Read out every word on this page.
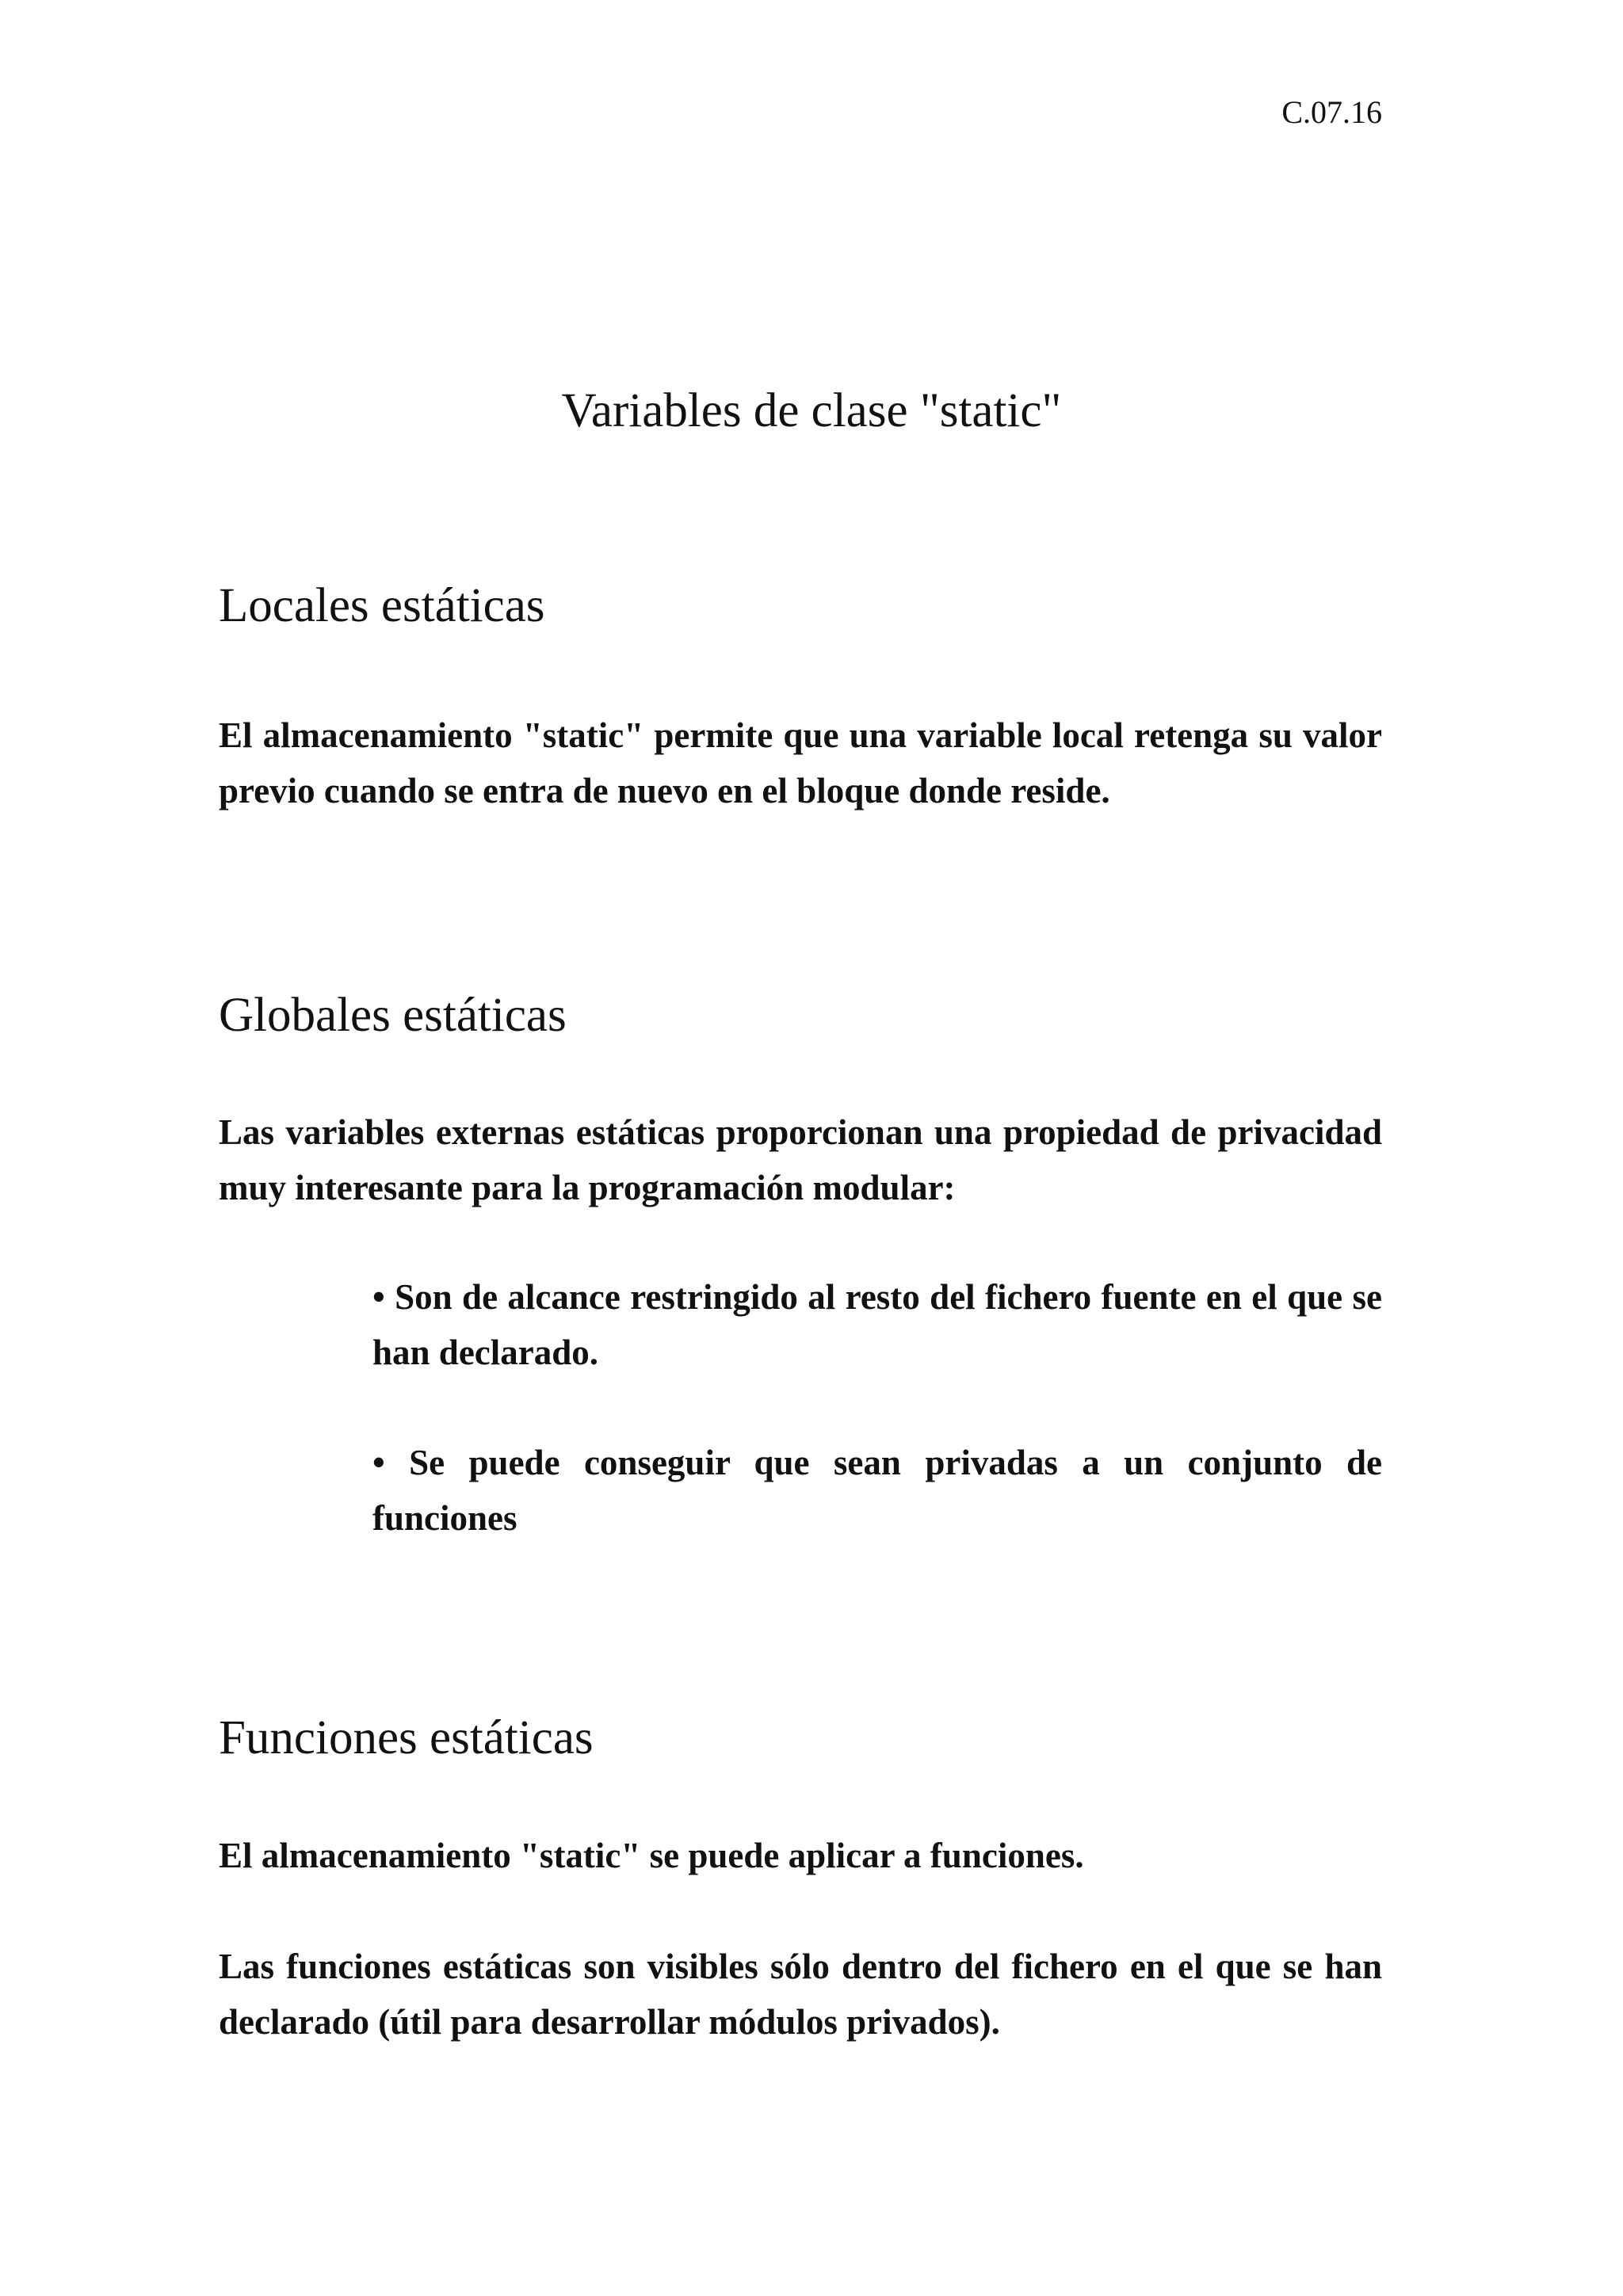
C.07.16
Variables de clase "static"
Locales estáticas

El almacenamiento "static" permite que una variable local retenga su valor previo cuando se entra de nuevo en el bloque donde reside.

Globales estáticas

Las variables externas estáticas proporcionan una propiedad de privacidad muy interesante para la programación modular:

• Son de alcance restringido al resto del fichero fuente en el que se han declarado.

• Se puede conseguir que sean privadas a un conjunto de funciones

Funciones estáticas

El almacenamiento "static" se puede aplicar a funciones.

Las funciones estáticas son visibles sólo dentro del fichero en el que se han declarado (útil para desarrollar módulos privados).
